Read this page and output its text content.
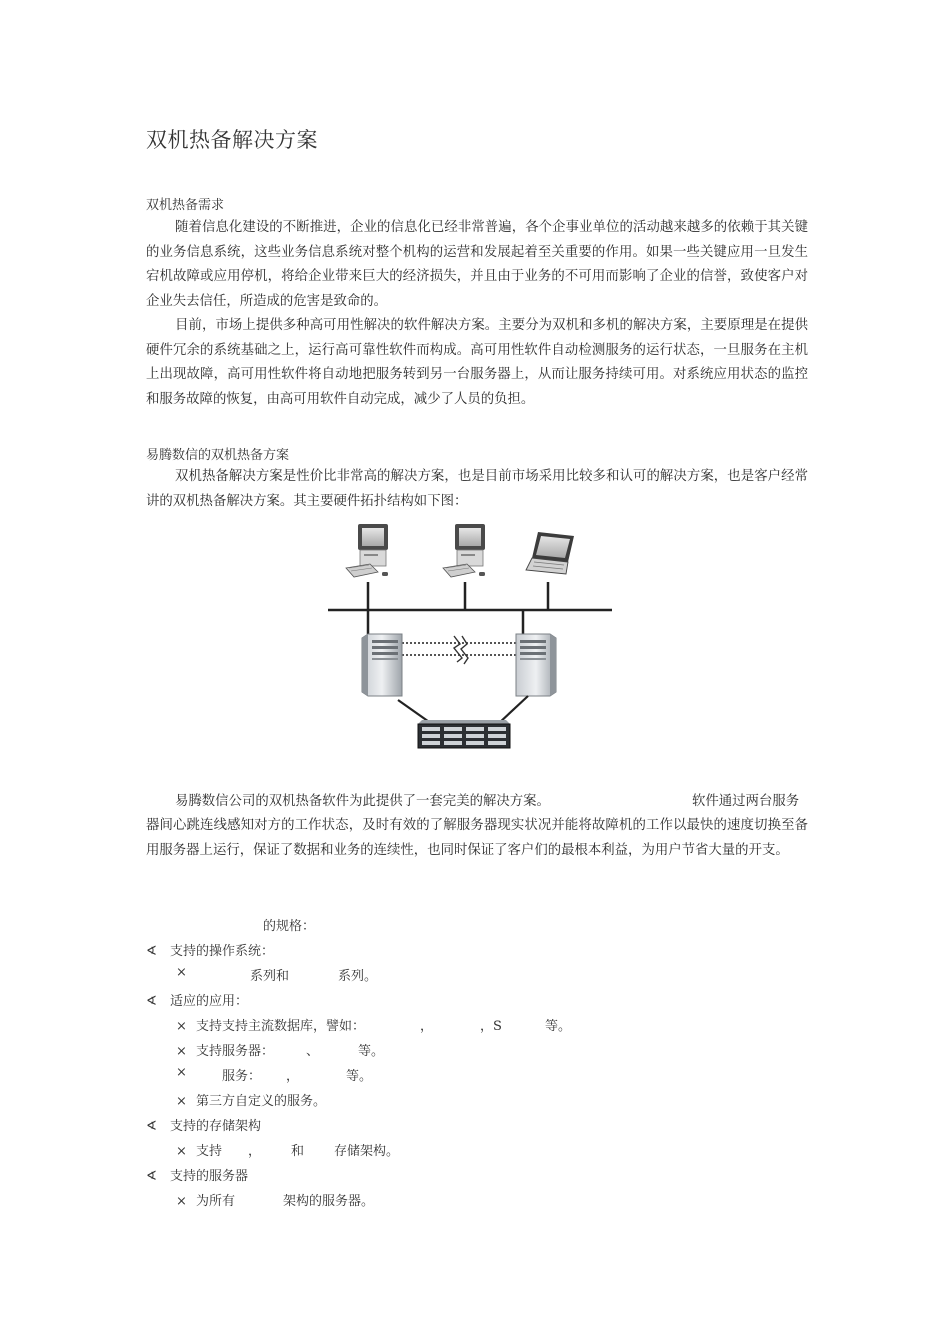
双机热备解决方案
双机热备需求

随着信息化建设的不断推进，企业的信息化已经非常普遍，各个企事业单位的活动越来越多的依赖于其关键的业务信息系统，这些业务信息系统对整个机构的运营和发展起着至关重要的作用。如果一些关键应用一旦发生宕机故障或应用停机，将给企业带来巨大的经济损失，并且由于业务的不可用而影响了企业的信誉，致使客户对企业失去信任，所造成的危害是致命的。

目前，市场上提供多种高可用性解决的软件解决方案。主要分为双机和多机的解决方案，主要原理是在提供硬件冗余的系统基础之上，运行高可靠性软件而构成。高可用性软件自动检测服务的运行状态，一旦服务在主机上出现故障，高可用性软件将自动地把服务转到另一台服务器上，从而让服务持续可用。对系统应用状态的监控和服务故障的恢复，由高可用软件自动完成，减少了人员的负担。

易腾数信的双机热备方案

双机热备解决方案是性价比非常高的解决方案，也是目前市场采用比较多和认可的解决方案，也是客户经常讲的双机热备解决方案。其主要硬件拓扑结构如下图：

易腾数信公司的双机热备软件为此提供了一套完美的解决方案。	软件通过两台服务

器间心跳连线感知对方的工作状态，及时有效的了解服务器现实状况并能将故障机的工作以最快的速度切换至备用服务器上运行，保证了数据和业务的连续性，也同时保证了客户们的最根本利益，为用户节省大量的开支。

的规格：
∢ 支持的操作系统：
×	系列和	系列。
∢ 适应的应用：
× 支持支持主流数据库，譬如：	，	，S	等。
× 支持服务器： 、	等。
×	服务： ，	等。
× 第三方自定义的服务。
∢ 支持的存储架构
× 支持 ， 和 存储架构。
∢ 支持的服务器
× 为所有	架构的服务器。
